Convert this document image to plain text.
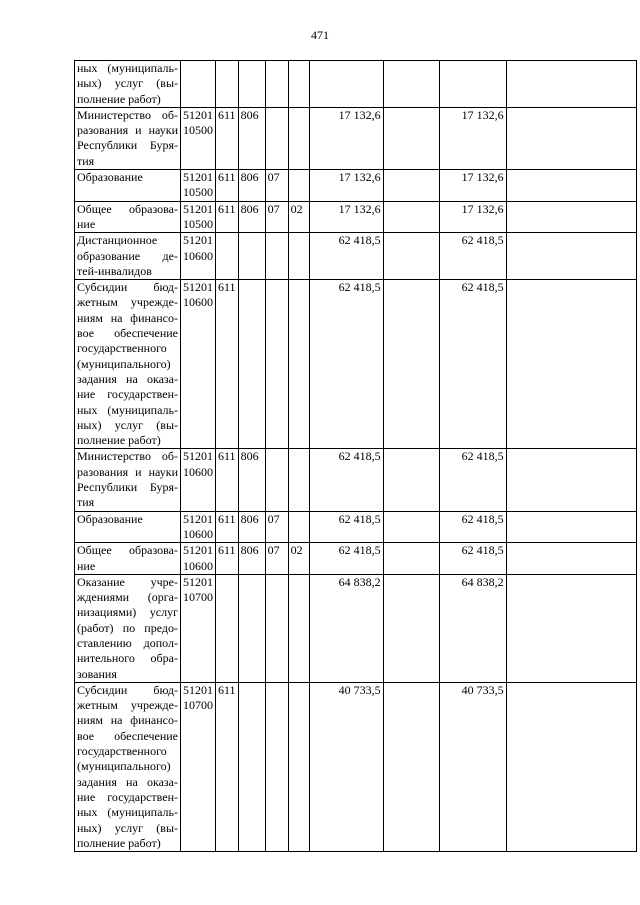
471
ных (муниципаль-ных) услуг (вы-полнение работ)									
Министерство об-разования и науки Республики Буря-тия	51201 10500	611	806			17 132,6		17 132,6	
Образование	51201 10500	611	806	07		17 132,6		17 132,6	
Общее образова-ние	51201 10500	611	806	07	02	17 132,6		17 132,6	
Дистанционное образование де-тей-инвалидов	51201 10600					62 418,5		62 418,5	
Субсидии бюд-жетным учрежде-ниям на финансо-вое обеспечение государственного (муниципального) задания на оказа-ние государствен-ных (муниципаль-ных) услуг (вы-полнение работ)	51201 10600	611				62 418,5		62 418,5	
Министерство об-разования и науки Республики Буря-тия	51201 10600	611	806			62 418,5		62 418,5	
Образование	51201 10600	611	806	07		62 418,5		62 418,5	
Общее образова-ние	51201 10600	611	806	07	02	62 418,5		62 418,5	
Оказание учре-ждениями (орга-низациями) услуг (работ) по предо-ставлению допол-нительного обра-зования	51201 10700					64 838,2		64 838,2	
Субсидии бюд-жетным учрежде-ниям на финансо-вое обеспечение государственного (муниципального) задания на оказа-ние государствен-ных (муниципаль-ных) услуг (вы-полнение работ)	51201 10700	611				40 733,5		40 733,5	
